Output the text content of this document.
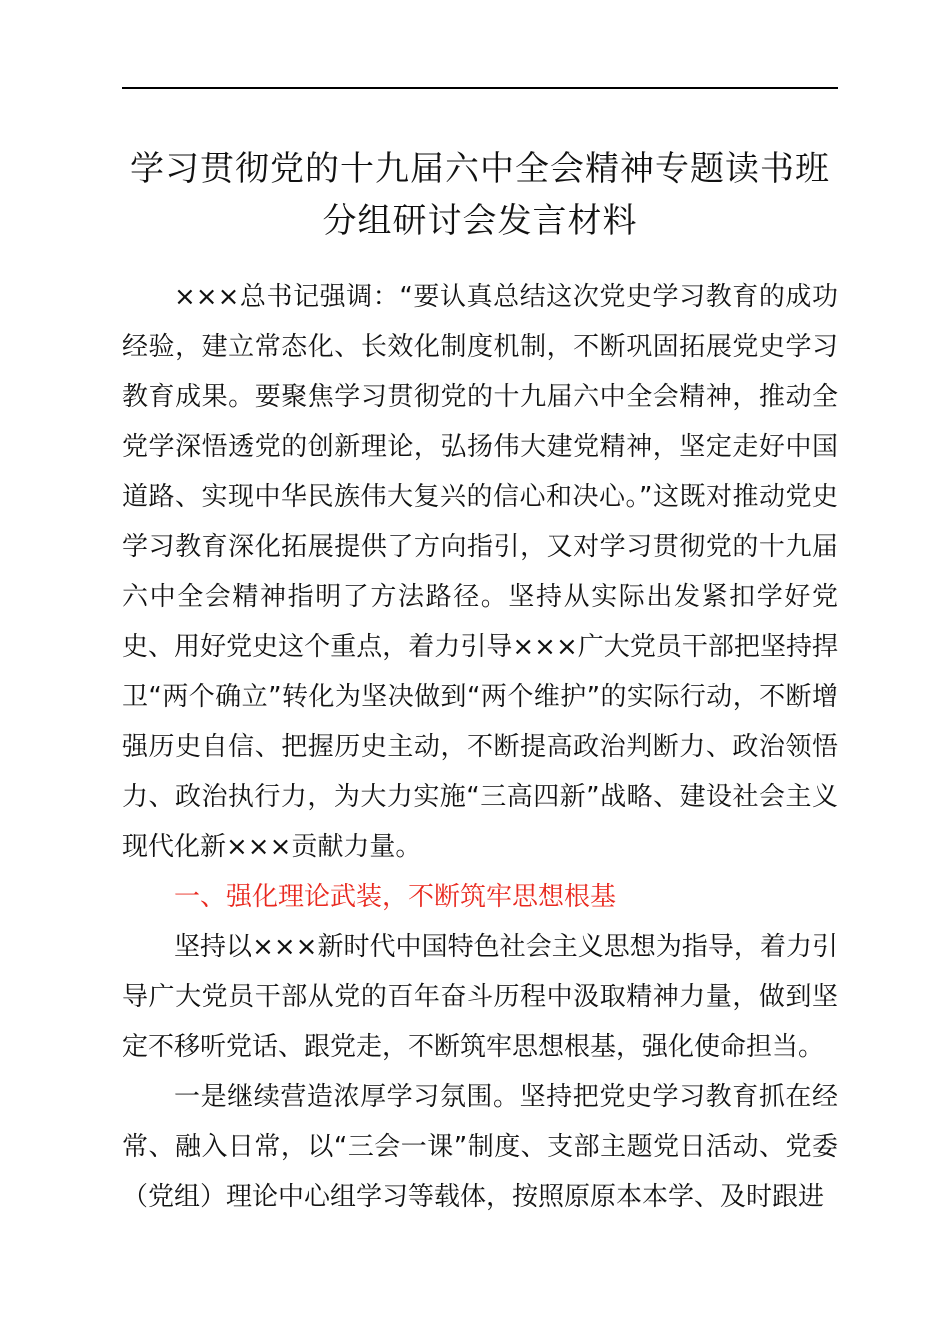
学习贯彻党的十九届六中全会精神专题读书班
分组研讨会发言材料

×××总书记强调：“要认真总结这次党史学习教育的成功经验，建立常态化、长效化制度机制，不断巩固拓展党史学习教育成果。要聚焦学习贯彻党的十九届六中全会精神，推动全党学深悟透党的创新理论，弘扬伟大建党精神，坚定走好中国道路、实现中华民族伟大复兴的信心和决心。”这既对推动党史学习教育深化拓展提供了方向指引，又对学习贯彻党的十九届六中全会精神指明了方法路径。坚持从实际出发紧扣学好党史、用好党史这个重点，着力引导×××广大党员干部把坚持捍卫“两个确立”转化为坚决做到“两个维护”的实际行动，不断增强历史自信、把握历史主动，不断提高政治判断力、政治领悟力、政治执行力，为大力实施“三高四新”战略、建设社会主义现代化新×××贡献力量。

一、强化理论武装，不断筑牢思想根基

坚持以×××新时代中国特色社会主义思想为指导，着力引导广大党员干部从党的百年奋斗历程中汲取精神力量，做到坚定不移听党话、跟党走，不断筑牢思想根基，强化使命担当。

一是继续营造浓厚学习氛围。坚持把党史学习教育抓在经常、融入日常，以“三会一课”制度、支部主题党日活动、党委（党组）理论中心组学习等载体，按照原原本本学、及时跟进
